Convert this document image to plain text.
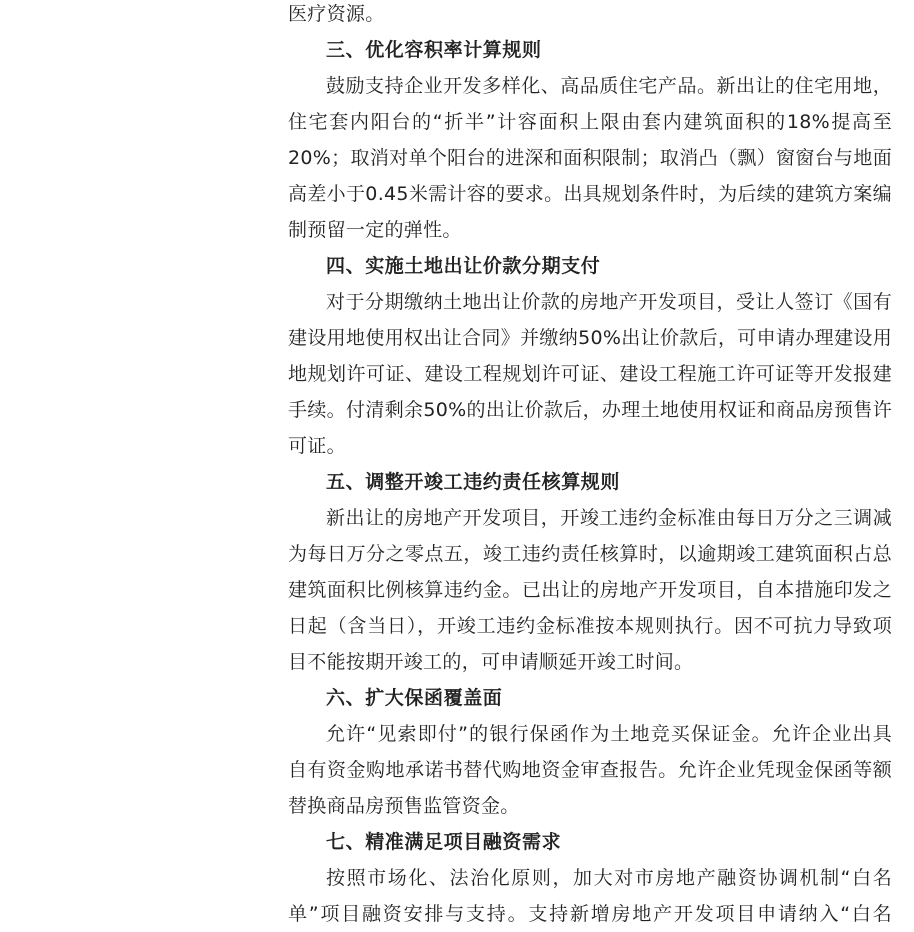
医疗资源。
三、优化容积率计算规则
鼓励支持企业开发多样化、高品质住宅产品。新出让的住宅用地，
住宅套内阳台的“折半”计容面积上限由套内建筑面积的18%提高至
20%；取消对单个阳台的进深和面积限制；取消凸（飘）窗窗台与地面
高差小于0.45米需计容的要求。出具规划条件时，为后续的建筑方案编
制预留一定的弹性。
四、实施土地出让价款分期支付
对于分期缴纳土地出让价款的房地产开发项目，受让人签订《国有
建设用地使用权出让合同》并缴纳50%出让价款后，可申请办理建设用
地规划许可证、建设工程规划许可证、建设工程施工许可证等开发报建
手续。付清剩余50%的出让价款后，办理土地使用权证和商品房预售许
可证。
五、调整开竣工违约责任核算规则
新出让的房地产开发项目，开竣工违约金标准由每日万分之三调减
为每日万分之零点五，竣工违约责任核算时，以逾期竣工建筑面积占总
建筑面积比例核算违约金。已出让的房地产开发项目，自本措施印发之
日起（含当日），开竣工违约金标准按本规则执行。因不可抗力导致项
目不能按期开竣工的，可申请顺延开竣工时间。
六、扩大保函覆盖面
允许“见索即付”的银行保函作为土地竞买保证金。允许企业出具
自有资金购地承诺书替代购地资金审查报告。允许企业凭现金保函等额
替换商品房预售监管资金。
七、精准满足项目融资需求
按照市场化、法治化原则，加大对市房地产融资协调机制“白名
单”项目融资安排与支持。支持新增房地产开发项目申请纳入“白名
